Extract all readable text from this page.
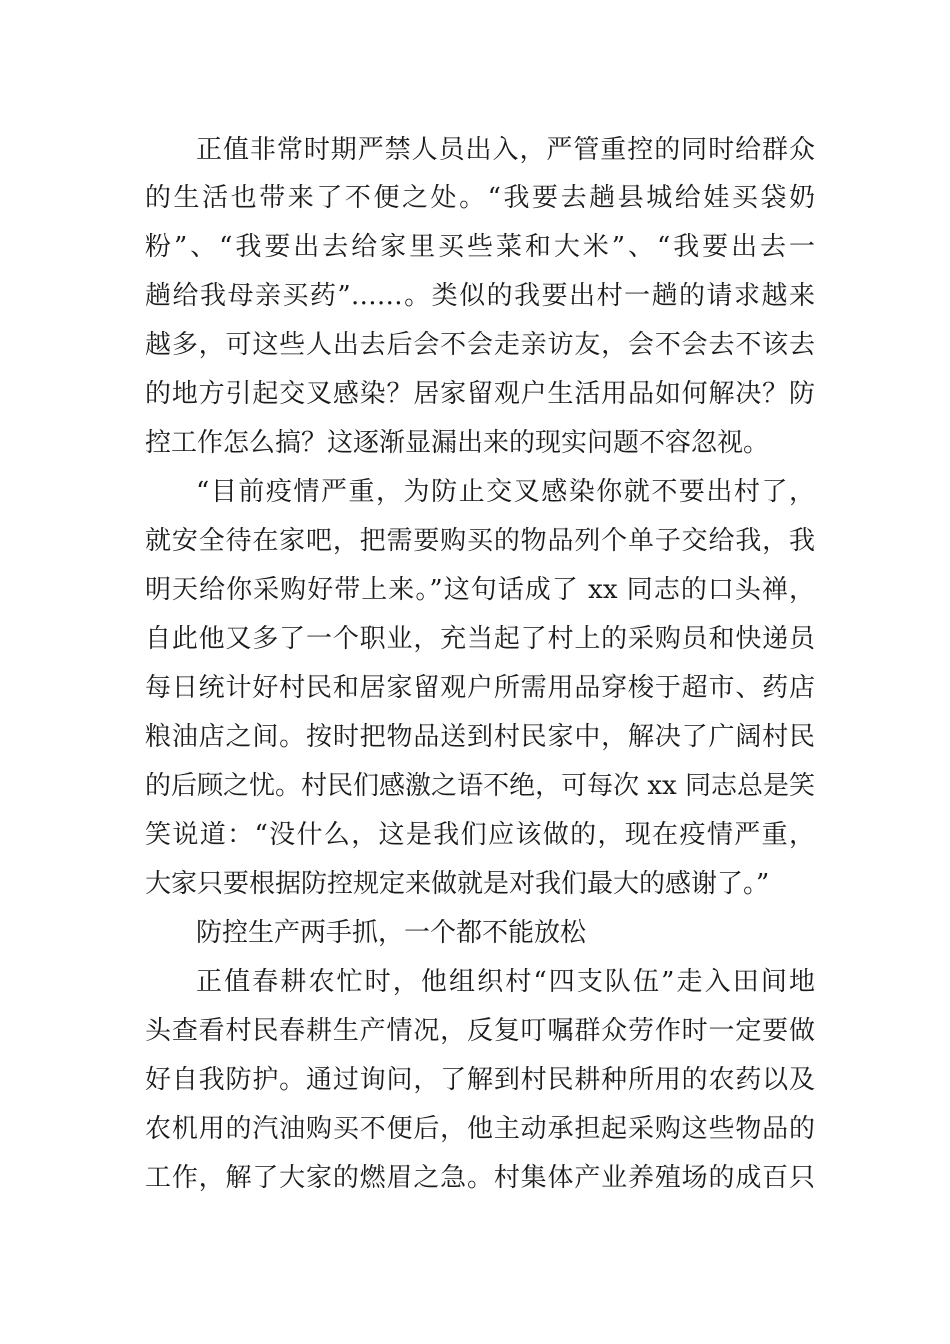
正值非常时期严禁人员出入，严管重控的同时给群众

的生活也带来了不便之处。“我要去趟县城给娃买袋奶

粉”、“我要出去给家里买些菜和大米”、“我要出去一

趟给我母亲买药”……。类似的我要出村一趟的请求越来

越多，可这些人出去后会不会走亲访友，会不会去不该去

的地方引起交叉感染？居家留观户生活用品如何解决？防

控工作怎么搞？这逐渐显漏出来的现实问题不容忽视。

“目前疫情严重，为防止交叉感染你就不要出村了，

就安全待在家吧，把需要购买的物品列个单子交给我，我

明天给你采购好带上来。”这句话成了 xx 同志的口头禅，

自此他又多了一个职业，充当起了村上的采购员和快递员

每日统计好村民和居家留观户所需用品穿梭于超市、药店

粮油店之间。按时把物品送到村民家中，解决了广阔村民

的后顾之忧。村民们感激之语不绝，可每次 xx 同志总是笑

笑说道：“没什么，这是我们应该做的，现在疫情严重，

大家只要根据防控规定来做就是对我们最大的感谢了。”

防控生产两手抓，一个都不能放松

正值春耕农忙时，他组织村“四支队伍”走入田间地

头查看村民春耕生产情况，反复叮嘱群众劳作时一定要做

好自我防护。通过询问，了解到村民耕种所用的农药以及

农机用的汽油购买不便后，他主动承担起采购这些物品的

工作，解了大家的燃眉之急。村集体产业养殖场的成百只
